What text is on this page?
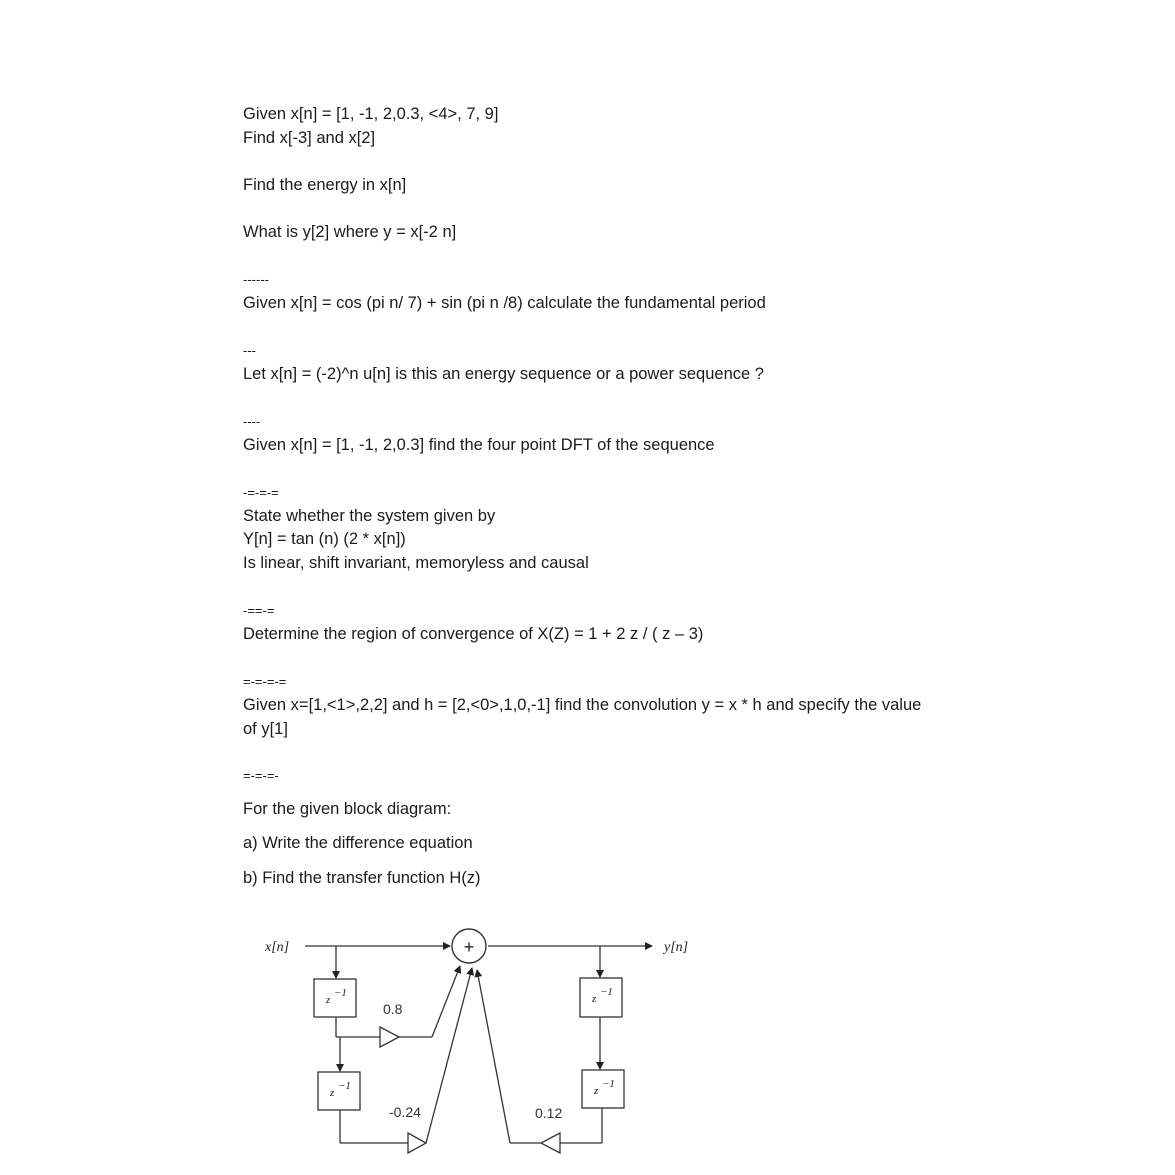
Given x[n] = [1, -1, 2,0.3, <4>, 7, 9]
Find x[-3] and x[2]
Find the energy in x[n]
What is y[2] where y = x[-2 n]
------
Given x[n] = cos (pi n/ 7) + sin (pi n /8) calculate the fundamental period
---
Let x[n] = (-2)^n u[n] is this an energy sequence or a power sequence ?
----
Given x[n] = [1, -1, 2,0.3] find the four point DFT of the sequence
-=-=-=
State whether the system given by
Y[n] = tan (n) (2 * x[n])
Is linear, shift invariant, memoryless and causal
-==-=
Determine the region of convergence of X(Z) = 1 + 2 z / ( z – 3)
=-=-=-=
Given x=[1,<1>,2,2] and h = [2,<0>,1,0,-1] find the convolution y = x * h and specify the value
of y[1]
=-=-=-
For the given block diagram:
a) Write the difference equation
b) Find the transfer function H(z)
+
z
−1
z
−1
z
−1
z
−1
x[n]	y[n]
0.8
-0.24	0.12
